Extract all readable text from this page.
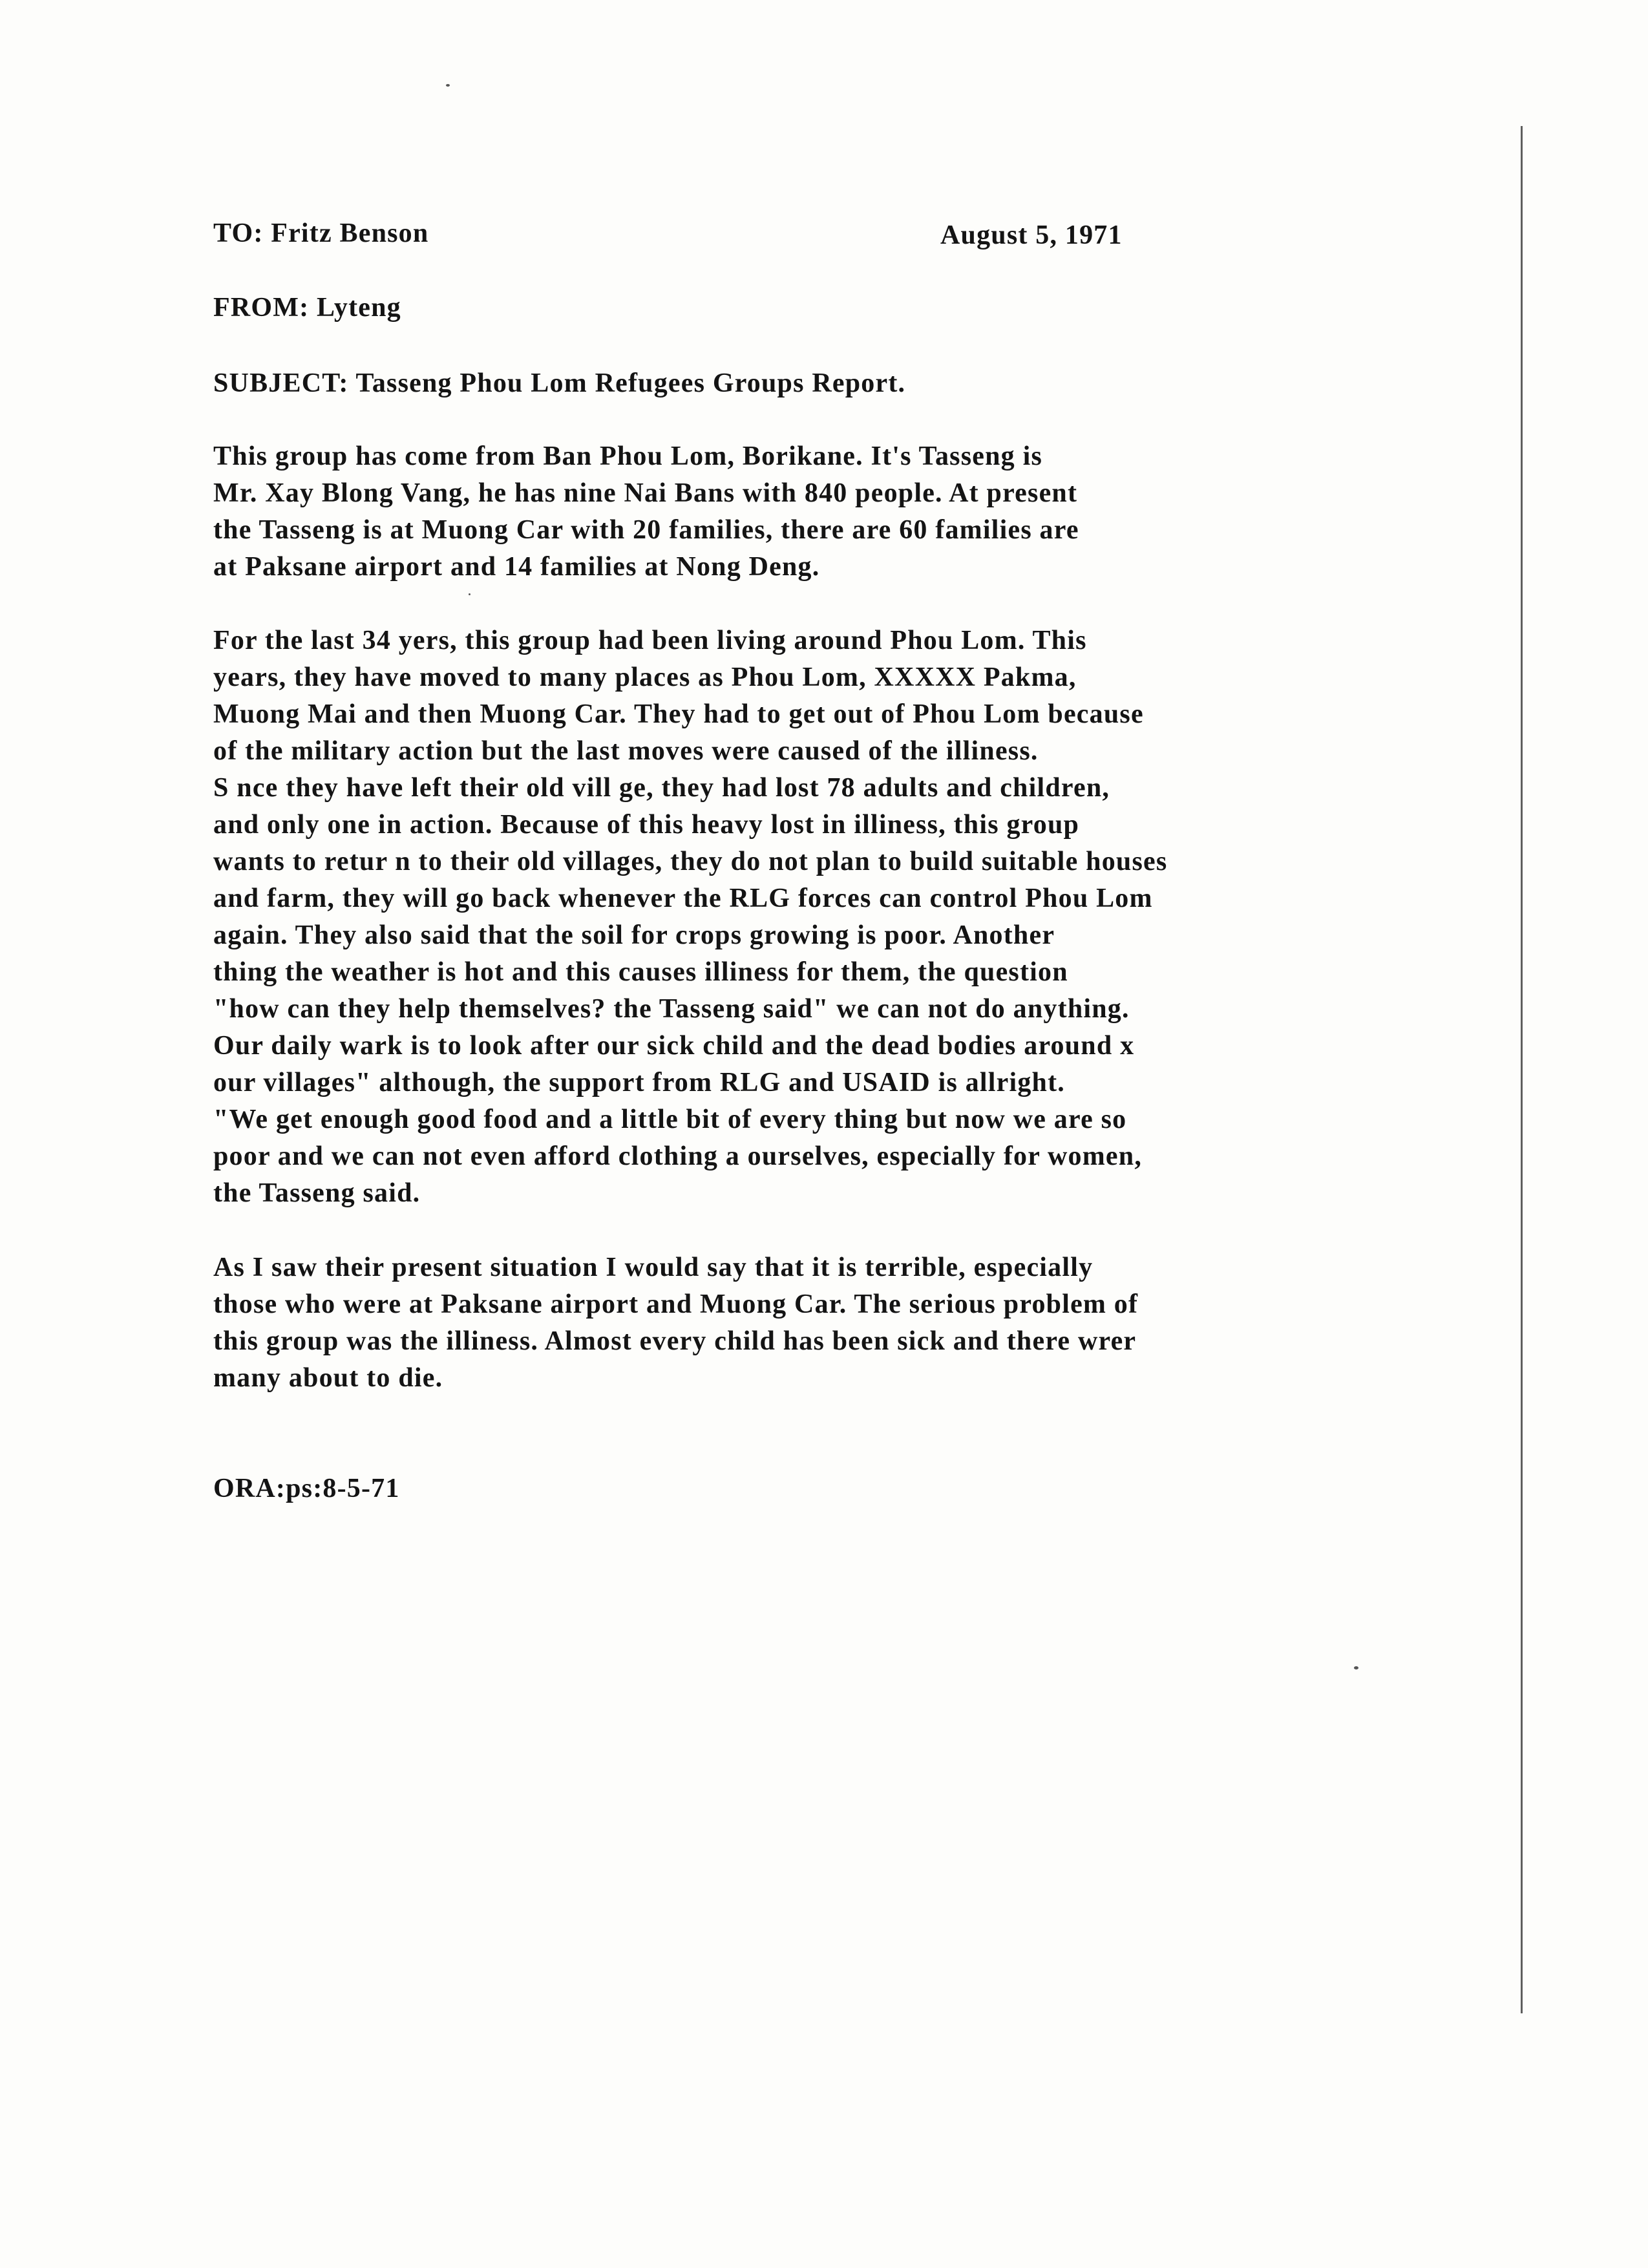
TO: Fritz Benson	August 5, 1971
FROM: Lyteng
SUBJECT: Tasseng Phou Lom Refugees Groups Report.
This group has come from Ban Phou Lom, Borikane. It's Tasseng is
Mr. Xay Blong Vang, he has nine Nai Bans with 840 people. At present
the Tasseng is at Muong Car with 20 families, there are 60 families are
at Paksane airport and 14 families at Nong Deng.
For the last 34 yers, this group had been living around Phou Lom. This
years, they have moved to many places as Phou Lom, XXXXX Pakma,
Muong Mai and then Muong Car. They had to get out of Phou Lom because
of the military action but the last moves were caused of the illiness.
S nce they have left their old vill ge, they had lost 78 adults and children,
and only one in action. Because of this heavy lost in illiness, this group
wants to retur n to their old villages, they do not plan to build suitable houses
and farm, they will go back whenever the RLG forces can control Phou Lom
again. They also said that the soil for crops growing is poor. Another
thing the weather is hot and this causes illiness for them, the question
"how can they help themselves? the Tasseng said" we can not do anything.
Our daily wark is to look after our sick child and the dead bodies around x
our villages" although, the support from RLG and USAID is allright.
"We get enough good food and a little bit of every thing but now we are so
poor and we can not even afford clothing a ourselves, especially for women,
the Tasseng said.
As I saw their present situation I would say that it is terrible, especially
those who were at Paksane airport and Muong Car. The serious problem of
this group was the illiness. Almost every child has been sick and there wrer
many about to die.
ORA:ps:8-5-71
